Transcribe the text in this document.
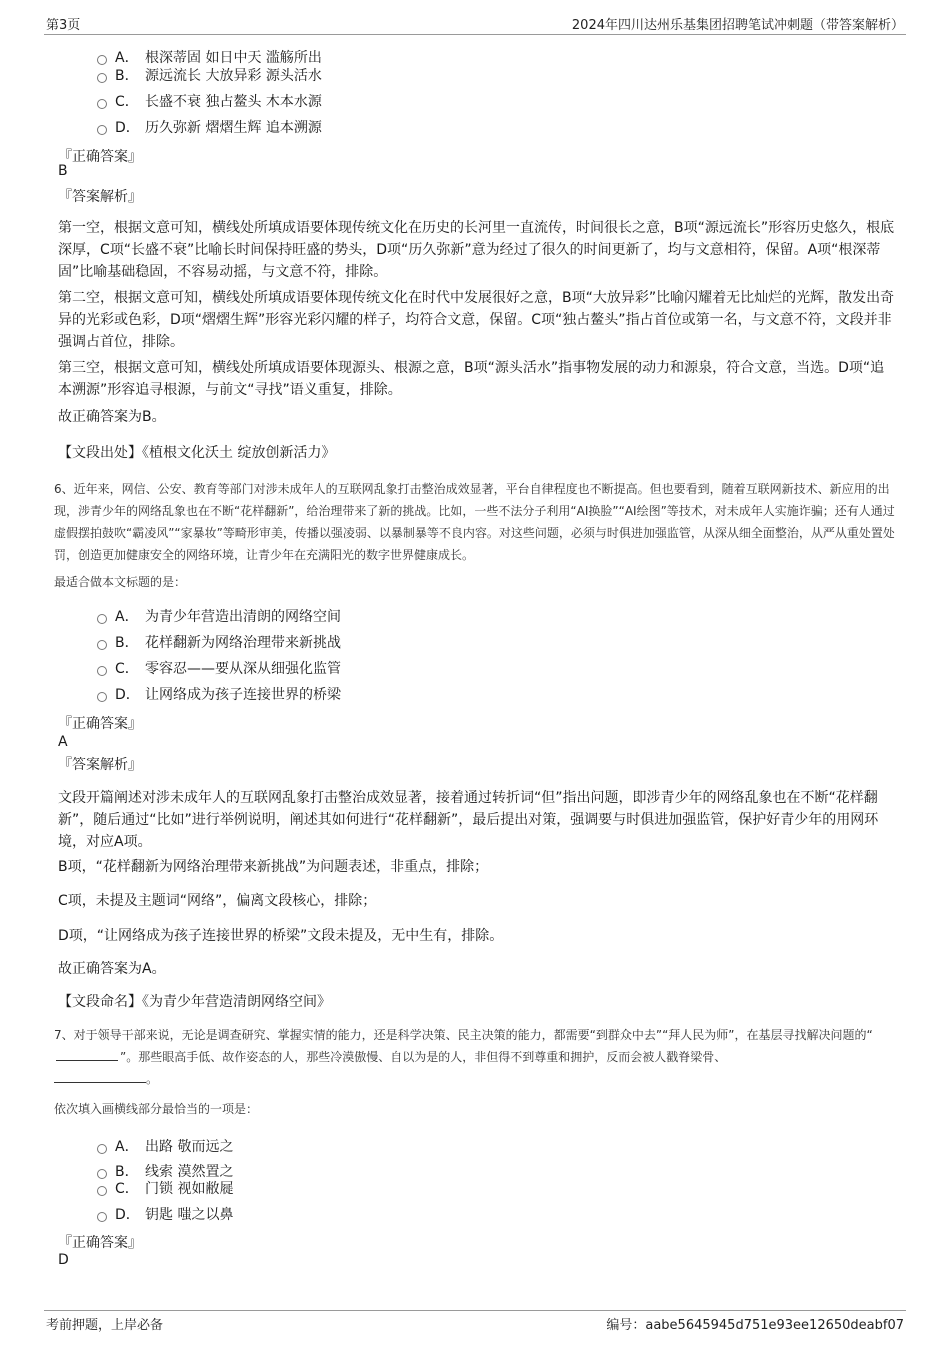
第3页	2024年四川达州乐基集团招聘笔试冲刺题（带答案解析）
A． 根深蒂固 如日中天 滥觞所出
B． 源远流长 大放异彩 源头活水
C． 长盛不衰 独占鳌头 木本水源
D． 历久弥新 熠熠生辉 追本溯源
『正确答案』
B
『答案解析』
第一空，根据文意可知，横线处所填成语要体现传统文化在历史的长河里一直流传，时间很长之意，B项“源远流长”形容历史悠久，根底深厚，C项“长盛不衰”比喻长时间保持旺盛的势头，D项“历久弥新”意为经过了很久的时间更新了，均与文意相符，保留。A项“根深蒂固”比喻基础稳固，不容易动摇，与文意不符，排除。
第二空，根据文意可知，横线处所填成语要体现传统文化在时代中发展很好之意，B项“大放异彩”比喻闪耀着无比灿烂的光辉，散发出奇异的光彩或色彩，D项“熠熠生辉”形容光彩闪耀的样子，均符合文意，保留。C项“独占鳌头”指占首位或第一名，与文意不符，文段并非强调占首位，排除。
第三空，根据文意可知，横线处所填成语要体现源头、根源之意，B项“源头活水”指事物发展的动力和源泉，符合文意，当选。D项“追本溯源”形容追寻根源，与前文“寻找”语义重复，排除。
故正确答案为B。
【文段出处】《植根文化沃土 绽放创新活力》
6、近年来，网信、公安、教育等部门对涉未成年人的互联网乱象打击整治成效显著，平台自律程度也不断提高。但也要看到，随着互联网新技术、新应用的出现，涉青少年的网络乱象也在不断“花样翻新”，给治理带来了新的挑战。比如，一些不法分子利用“AI换脸”“AI绘图”等技术，对未成年人实施诈骗；还有人通过虚假摆拍鼓吹“霸凌风”“家暴妆”等畸形审美，传播以强凌弱、以暴制暴等不良内容。对这些问题，必须与时俱进加强监管，从深从细全面整治，从严从重处置处罚，创造更加健康安全的网络环境，让青少年在充满阳光的数字世界健康成长。
最适合做本文标题的是：
A． 为青少年营造出清朗的网络空间
B． 花样翻新为网络治理带来新挑战
C． 零容忍——要从深从细强化监管
D． 让网络成为孩子连接世界的桥梁
『正确答案』
A
『答案解析』
文段开篇阐述对涉未成年人的互联网乱象打击整治成效显著，接着通过转折词“但”指出问题，即涉青少年的网络乱象也在不断“花样翻新”，随后通过“比如”进行举例说明，阐述其如何进行“花样翻新”，最后提出对策，强调要与时俱进加强监管，保护好青少年的用网环境，对应A项。
B项，“花样翻新为网络治理带来新挑战”为问题表述，非重点，排除；
C项，未提及主题词“网络”，偏离文段核心，排除；
D项，“让网络成为孩子连接世界的桥梁”文段未提及，无中生有，排除。
故正确答案为A。
【文段命名】《为青少年营造清朗网络空间》
7、对于领导干部来说，无论是调查研究、掌握实情的能力，还是科学决策、民主决策的能力，都需要“到群众中去”“拜人民为师”，在基层寻找解决问题的“”。那些眼高手低、故作姿态的人，那些冷漠傲慢、自以为是的人，非但得不到尊重和拥护，反而会被人戳脊梁骨、
。
依次填入画横线部分最恰当的一项是：
A． 出路 敬而远之
B． 线索 漠然置之
C． 门锁 视如敝屣
D． 钥匙 嗤之以鼻
『正确答案』
D
考前押题，上岸必备	编号：aabe5645945d751e93ee12650deabf07
